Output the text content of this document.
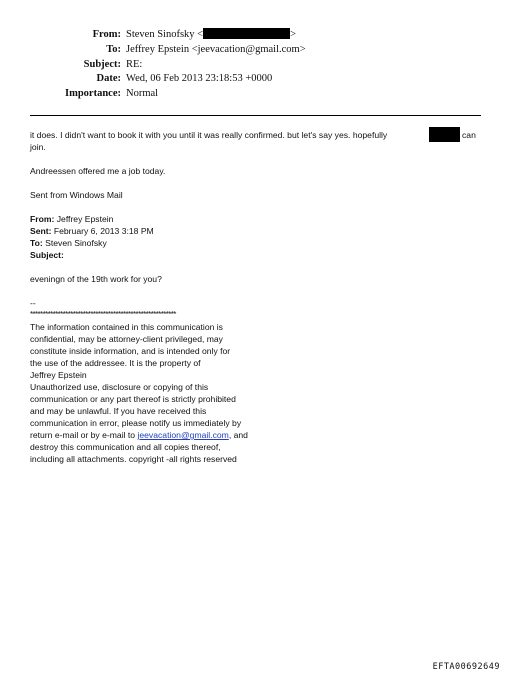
From: Steven Sinofsky <	>
To: Jeffrey Epstein <jeevacation@gmail.com>
Subject: RE:
Date: Wed, 06 Feb 2013 23:18:53 +0000
Importance: Normal
it does. I didn't want to book it with you until it was really confirmed. but let's say yes. hopefully	can
join.
Andreessen offered me a job today.
Sent from Windows Mail
From: Jeffrey Epstein
Sent: February 6, 2013 3:18 PM
To: Steven Sinofsky
Subject:
eveningn of the 19th work for you?
--
**********************************************************
The information contained in this communication is
confidential, may be attorney-client privileged, may
constitute inside information, and is intended only for
the use of the addressee. It is the property of
Jeffrey Epstein
Unauthorized use, disclosure or copying of this
communication or any part thereof is strictly prohibited
and may be unlawful. If you have received this
communication in error, please notify us immediately by
return e-mail or by e-mail to jeevacation@gmail.com, and
destroy this communication and all copies thereof,
including all attachments. copyright -all rights reserved
EFTA00692649
